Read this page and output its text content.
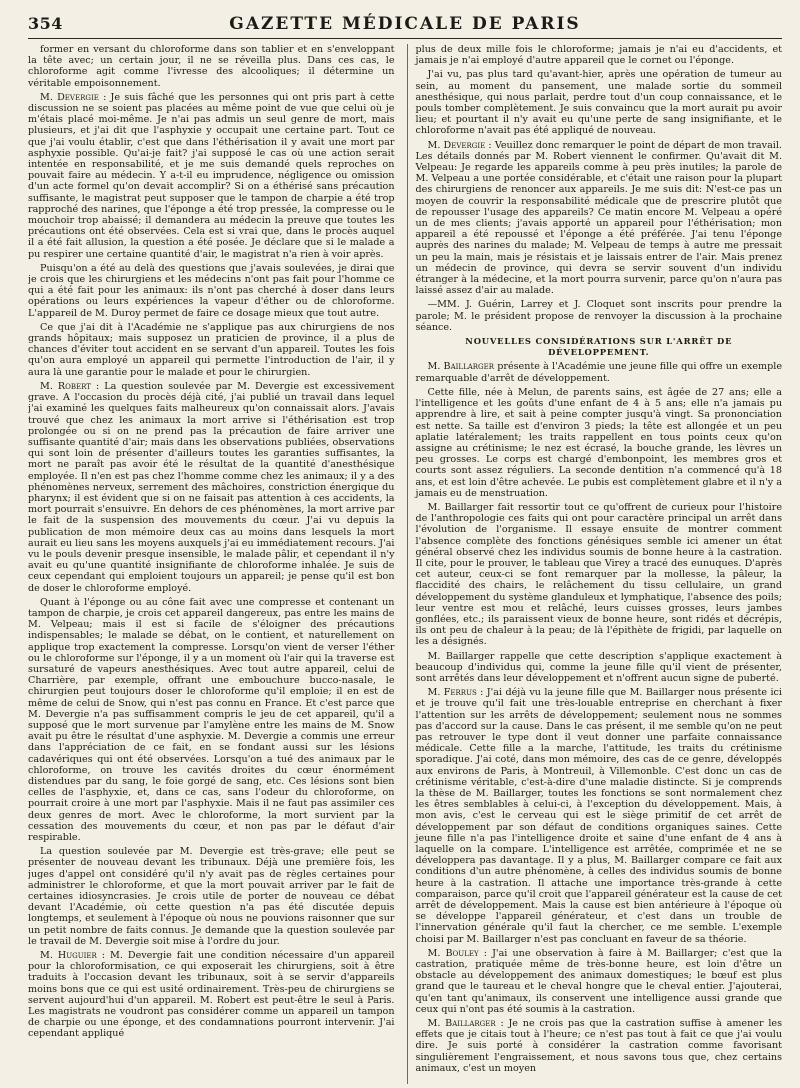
354	GAZETTE MÉDICALE DE PARIS

former en versant du chloroforme dans son tablier et en s'enveloppant la tête avec; un certain jour, il ne se réveilla plus. Dans ces cas, le chloroforme agit comme l'ivresse des alcooliques; il détermine un véritable empoisonnement.

M. Devergie : Je suis fâché que les personnes qui ont pris part à cette discussion ne se soient pas placées au même point de vue que celui où je m'étais placé moi-même. Je n'ai pas admis un seul genre de mort, mais plusieurs, et j'ai dit que l'asphyxie y occupait une certaine part. Tout ce que j'ai voulu établir, c'est que dans l'éthérisation il y avait une mort par asphyxie possible. Qu'ai-je fait? j'ai supposé le cas où une action serait intentée en responsabilité, et je me suis demandé quels reproches on pouvait faire au médecin. Y a-t-il eu imprudence, négligence ou omission d'un acte formel qu'on devait accomplir? Si on a éthérisé sans précaution suffisante, le magistrat peut supposer que le tampon de charpie a été trop rapproché des narines, que l'éponge a été trop pressée, la compresse ou le mouchoir trop abaissé; il demandera au médecin la preuve que toutes les précautions ont été observées. Cela est si vrai que, dans le procès auquel il a été fait allusion, la question a été posée. Je déclare que si le malade a pu respirer une certaine quantité d'air, le magistrat n'a rien à voir après.

Puisqu'on a été au delà des questions que j'avais soulevées, je dirai que je crois que les chirurgiens et les médecins n'ont pas fait pour l'homme ce qui a été fait pour les animaux: ils n'ont pas cherché à doser dans leurs opérations ou leurs expériences la vapeur d'éther ou de chloroforme. L'appareil de M. Duroy permet de faire ce dosage mieux que tout autre.

Ce que j'ai dit à l'Académie ne s'applique pas aux chirurgiens de nos grands hôpitaux; mais supposez un praticien de province, il a plus de chances d'éviter tout accident en se servant d'un appareil. Toutes les fois qu'on aura employé un appareil qui permette l'introduction de l'air, il y aura là une garantie pour le malade et pour le chirurgien.

M. Robert : La question soulevée par M. Devergie est excessivement grave. A l'occasion du procès déjà cité, j'ai publié un travail dans lequel j'ai examiné les quelques faits malheureux qu'on connaissait alors. J'avais trouvé que chez les animaux la mort arrive si l'éthérisation est trop prolongée ou si on ne prend pas la précaution de faire arriver une suffisante quantité d'air; mais dans les observations publiées, observations qui sont loin de présenter d'ailleurs toutes les garanties suffisantes, la mort ne paraît pas avoir été le résultat de la quantité d'anesthésique employée. Il n'en est pas chez l'homme comme chez les animaux; il y a des phénomènes nerveux, serrement des mâchoires, constriction énergique du pharynx; il est évident que si on ne faisait pas attention à ces accidents, la mort pourrait s'ensuivre. En dehors de ces phénomènes, la mort arrive par le fait de la suspension des mouvements du cœur. J'ai vu depuis la publication de mon mémoire deux cas au moins dans lesquels la mort aurait eu lieu sans les moyens auxquels j'ai eu immédiatement recours. J'ai vu le pouls devenir presque insensible, le malade pâlir, et cependant il n'y avait eu qu'une quantité insignifiante de chloroforme inhalée. Je suis de ceux cependant qui emploient toujours un appareil; je pense qu'il est bon de doser le chloroforme employé.

Quant à l'éponge ou au cône fait avec une compresse et contenant un tampon de charpie, je crois cet appareil dangereux, pas entre les mains de M. Velpeau; mais il est si facile de s'éloigner des précautions indispensables; le malade se débat, on le contient, et naturellement on applique trop exactement la compresse. Lorsqu'on vient de verser l'éther ou le chloroforme sur l'éponge, il y a un moment où l'air qui la traverse est sursaturé de vapeurs anesthésiques. Avec tout autre appareil, celui de Charrière, par exemple, offrant une embouchure bucco-nasale, le chirurgien peut toujours doser le chloroforme qu'il emploie; il en est de même de celui de Snow, qui n'est pas connu en France. Et c'est parce que M. Devergie n'a pas suffisamment compris le jeu de cet appareil, qu'il a supposé que le mort survenue par l'amylène entre les mains de M. Snow avait pu être le résultat d'une asphyxie. M. Devergie a commis une erreur dans l'appréciation de ce fait, en se fondant aussi sur les lésions cadavériques qui ont été observées. Lorsqu'on a tué des animaux par le chloroforme, on trouve les cavités droites du cœur énormément distendues par du sang, le foie gorgé de sang, etc. Ces lésions sont bien celles de l'asphyxie, et, dans ce cas, sans l'odeur du chloroforme, on pourrait croire à une mort par l'asphyxie. Mais il ne faut pas assimiler ces deux genres de mort. Avec le chloroforme, la mort survient par la cessation des mouvements du cœur, et non pas par le défaut d'air respirable.

La question soulevée par M. Devergie est très-grave; elle peut se présenter de nouveau devant les tribunaux. Déjà une première fois, les juges d'appel ont considéré qu'il n'y avait pas de règles certaines pour administrer le chloroforme, et que la mort pouvait arriver par le fait de certaines idiosyncrasies. Je crois utile de porter de nouveau ce débat devant l'Académie, où cette question n'a pas été discutée depuis longtemps, et seulement à l'époque où nous ne pouvions raisonner que sur un petit nombre de faits connus. Je demande que la question soulevée par le travail de M. Devergie soit mise à l'ordre du jour.

M. Huguier : M. Devergie fait une condition nécessaire d'un appareil pour la chloroformisation, ce qui exposerait les chirurgiens, soit à être traduits à l'occasion devant les tribunaux, soit à se servir d'appareils moins bons que ce qui est usité ordinairement. Très-peu de chirurgiens se servent aujourd'hui d'un appareil. M. Robert est peut-être le seul à Paris. Les magistrats ne voudront pas considérer comme un appareil un tampon de charpie ou une éponge, et des condamnations pourront intervenir. J'ai cependant appliqué

plus de deux mille fois le chloroforme; jamais je n'ai eu d'accidents, et jamais je n'ai employé d'autre appareil que le cornet ou l'éponge.

J'ai vu, pas plus tard qu'avant-hier, après une opération de tumeur au sein, au moment du pansement, une malade sortie du sommeil anesthésique, qui nous parlait, perdre tout d'un coup connaissance, et le pouls tomber complètement. Je suis convaincu que la mort aurait pu avoir lieu; et pourtant il n'y avait eu qu'une perte de sang insignifiante, et le chloroforme n'avait pas été appliqué de nouveau.

M. Devergie : Veuillez donc remarquer le point de départ de mon travail. Les détails donnés par M. Robert viennent le confirmer. Qu'avait dit M. Velpeau: Je regarde les appareils comme à peu près inutiles; la parole de M. Velpeau a une portée considérable, et c'était une raison pour la plupart des chirurgiens de renoncer aux appareils. Je me suis dit: N'est-ce pas un moyen de couvrir la responsabilité médicale que de prescrire plutôt que de repousser l'usage des appareils? Ce matin encore M. Velpeau a opéré un de mes clients; j'avais apporté un appareil pour l'éthérisation; mon appareil a été repoussé et l'éponge a été préférée. J'ai tenu l'éponge auprès des narines du malade; M. Velpeau de temps à autre me pressait un peu la main, mais je résistais et je laissais entrer de l'air. Mais prenez un médecin de province, qui devra se servir souvent d'un individu étranger à la médecine, et la mort pourra survenir, parce qu'on n'aura pas laissé assez d'air au malade.

—MM. J. Guérin, Larrey et J. Cloquet sont inscrits pour prendre la parole; M. le président propose de renvoyer la discussion à la prochaine séance.

NOUVELLES CONSIDÉRATIONS SUR L'ARRÊT DE DÉVELOPPEMENT.

M. Baillarger présente à l'Académie une jeune fille qui offre un exemple remarquable d'arrêt de développement.

Cette fille, née à Melun, de parents sains, est âgée de 27 ans; elle a l'intelligence et les goûts d'une enfant de 4 à 5 ans; elle n'a jamais pu apprendre à lire, et sait à peine compter jusqu'à vingt. Sa prononciation est nette. Sa taille est d'environ 3 pieds; la tête est allongée et un peu aplatie latéralement; les traits rappellent en tous points ceux qu'on assigne au crétinisme; le nez est écrasé, la bouche grande, les lèvres un peu grosses. Le corps est chargé d'embonpoint, les membres gros et courts sont assez réguliers. La seconde dentition n'a commencé qu'à 18 ans, et est loin d'être achevée. Le pubis est complètement glabre et il n'y a jamais eu de menstruation.

M. Baillarger fait ressortir tout ce qu'offrent de curieux pour l'histoire de l'anthropologie ces faits qui ont pour caractère principal un arrêt dans l'évolution de l'organisme. Il essaye ensuite de montrer comment l'absence complète des fonctions génésiques semble ici amener un état général observé chez les individus soumis de bonne heure à la castration. Il cite, pour le prouver, le tableau que Virey a tracé des eunuques. D'après cet auteur, ceux-ci se font remarquer par la mollesse, la pâleur, la flaccidité des chairs, le relâchement du tissu cellulaire, un grand développement du système glanduleux et lymphatique, l'absence des poils; leur ventre est mou et relâché, leurs cuisses grosses, leurs jambes gonflées, etc.; ils paraissent vieux de bonne heure, sont ridés et décrépis, ils ont peu de chaleur à la peau; de là l'épithète de frigidi, par laquelle on les a désignés.

M. Baillarger rappelle que cette description s'applique exactement à beaucoup d'individus qui, comme la jeune fille qu'il vient de présenter, sont arrêtés dans leur développement et n'offrent aucun signe de puberté.

M. Ferrus : J'ai déjà vu la jeune fille que M. Baillarger nous présente ici et je trouve qu'il fait une très-louable entreprise en cherchant à fixer l'attention sur les arrêts de développement; seulement nous ne sommes pas d'accord sur la cause. Dans le cas présent, il me semble qu'on ne peut pas retrouver le type dont il veut donner une parfaite connaissance médicale. Cette fille a la marche, l'attitude, les traits du crétinisme sporadique. J'ai coté, dans mon mémoire, des cas de ce genre, développés aux environs de Paris, à Montreuil, à Villemonble. C'est donc un cas de crétinisme véritable, c'est-à-dire d'une maladie distincte. Si je comprends la thèse de M. Baillarger, toutes les fonctions se sont normalement chez les êtres semblables à celui-ci, à l'exception du développement. Mais, à mon avis, c'est le cerveau qui est le siège primitif de cet arrêt de développement par son défaut de conditions organiques saines. Cette jeune fille n'a pas l'intelligence droite et saine d'une enfant de 4 ans à laquelle on la compare. L'intelligence est arrêtée, comprimée et ne se développera pas davantage. Il y a plus, M. Baillarger compare ce fait aux conditions d'un autre phénomène, à celles des individus soumis de bonne heure à la castration. Il attache une importance très-grande à cette comparaison, parce qu'il croit que l'appareil générateur est la cause de cet arrêt de développement. Mais la cause est bien antérieure à l'époque où se développe l'appareil générateur, et c'est dans un trouble de l'innervation générale qu'il faut la chercher, ce me semble. L'exemple choisi par M. Baillarger n'est pas concluant en faveur de sa théorie.

M. Bouley : J'ai une observation à faire à M. Baillarger; c'est que la castration, pratiquée même de très-bonne heure, est loin d'être un obstacle au développement des animaux domestiques; le bœuf est plus grand que le taureau et le cheval hongre que le cheval entier. J'ajouterai, qu'en tant qu'animaux, ils conservent une intelligence aussi grande que ceux qui n'ont pas été soumis à la castration.

M. Baillarger : Je ne crois pas que la castration suffise à amener les effets que je citais tout à l'heure; ce n'est pas tout à fait ce que j'ai voulu dire. Je suis porté à considérer la castration comme favorisant singulièrement l'engraissement, et nous savons tous que, chez certains animaux, c'est un moyen
